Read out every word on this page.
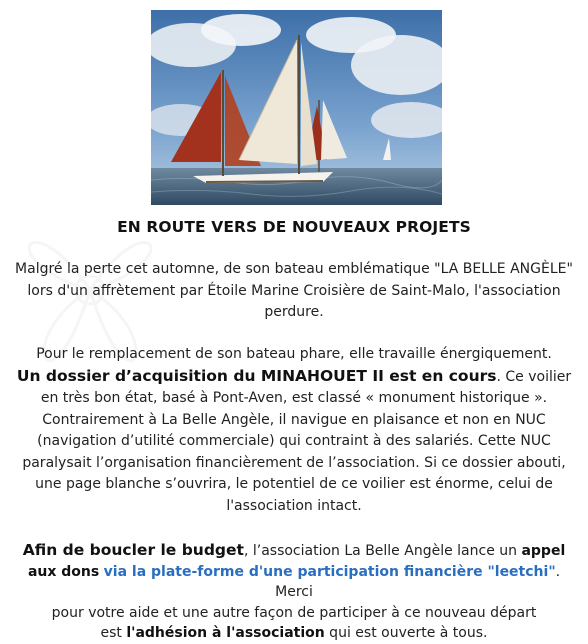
EN ROUTE VERS DE NOUVEAUX PROJETS
Malgré la perte cet automne, de son bateau emblématique "LA BELLE ANGÈLE"
lors d'un affrètement par Étoile Marine Croisière de Saint-Malo, l'association
perdure.
Pour le remplacement de son bateau phare, elle travaille énergiquement.
Un dossier d’acquisition du MINAHOUET II est en cours. Ce voilier
en très bon état, basé à Pont-Aven, est classé « monument historique ».
Contrairement à La Belle Angèle, il navigue en plaisance et non en NUC
(navigation d’utilité commerciale) qui contraint à des salariés. Cette NUC
paralysait l’organisation financièrement de l’association. Si ce dossier abouti,
une page blanche s’ouvrira, le potentiel de ce voilier est énorme, celui de
l'association intact.
Afin de boucler le budget, l’association La Belle Angèle lance un appel
aux dons via la plate-forme d'une participation financière "leetchi". Merci
pour votre aide et une autre façon de participer à ce nouveau départ
est l'adhésion à l'association qui est ouverte à tous.
